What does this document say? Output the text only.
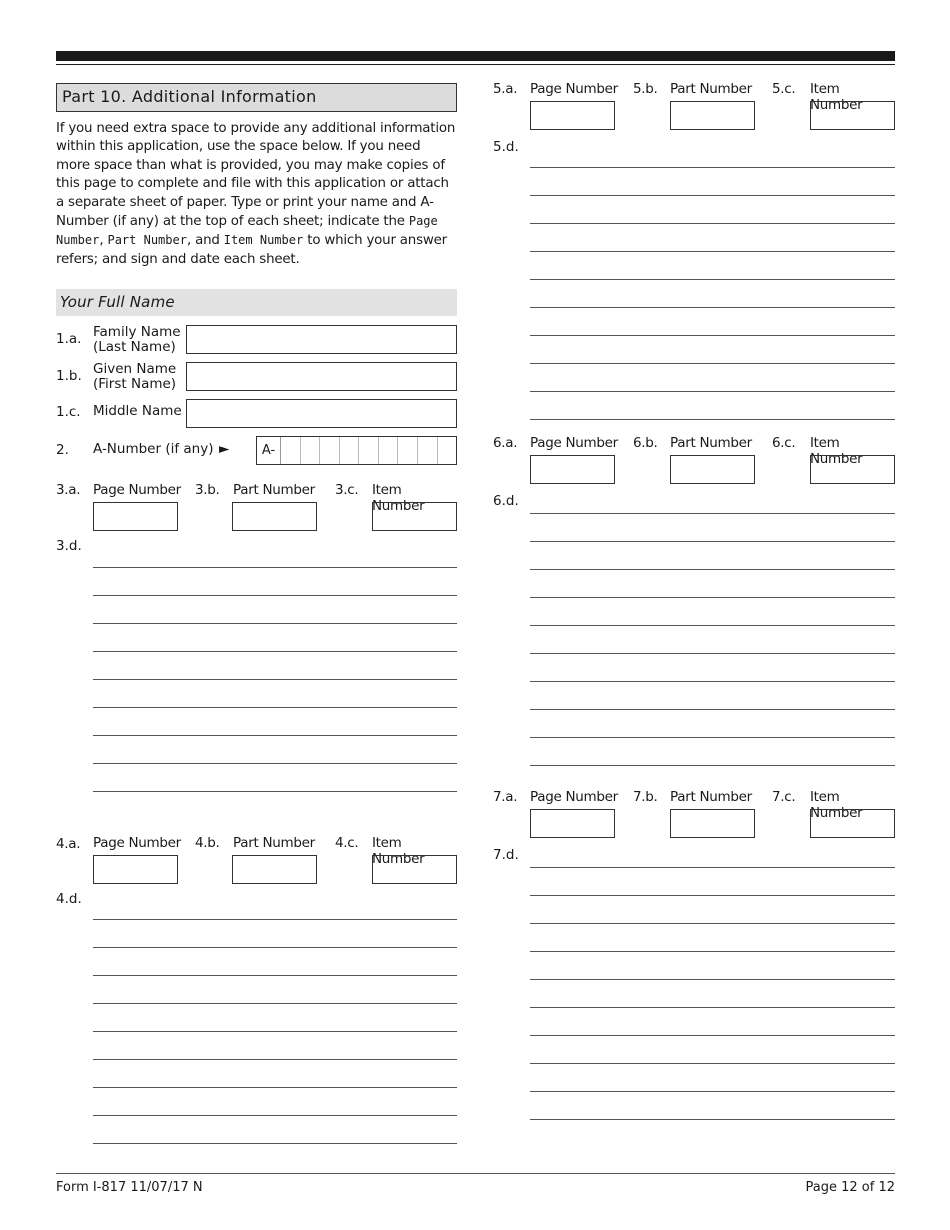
Part 10. Additional Information
If you need extra space to provide any additional information within this application, use the space below. If you need more space than what is provided, you may make copies of this page to complete and file with this application or attach a separate sheet of paper. Type or print your name and A-Number (if any) at the top of each sheet; indicate the Page Number, Part Number, and Item Number to which your answer refers; and sign and date each sheet.
Your Full Name
1.a. Family Name
(Last Name)
1.b. Given Name
(First Name)
1.c. Middle Name
2. A-Number (if any) ►	A-
3.a. Page Number 3.b. Part Number 3.c. Item Number
3.d.
4.a. Page Number 4.b. Part Number 4.c. Item Number
4.d.
5.a. Page Number 5.b. Part Number 5.c. Item Number
5.d.
6.a. Page Number 6.b. Part Number 6.c. Item Number
6.d.
7.a. Page Number 7.b. Part Number 7.c. Item Number
7.d.
Form I-817 11/07/17 N	Page 12 of 12
